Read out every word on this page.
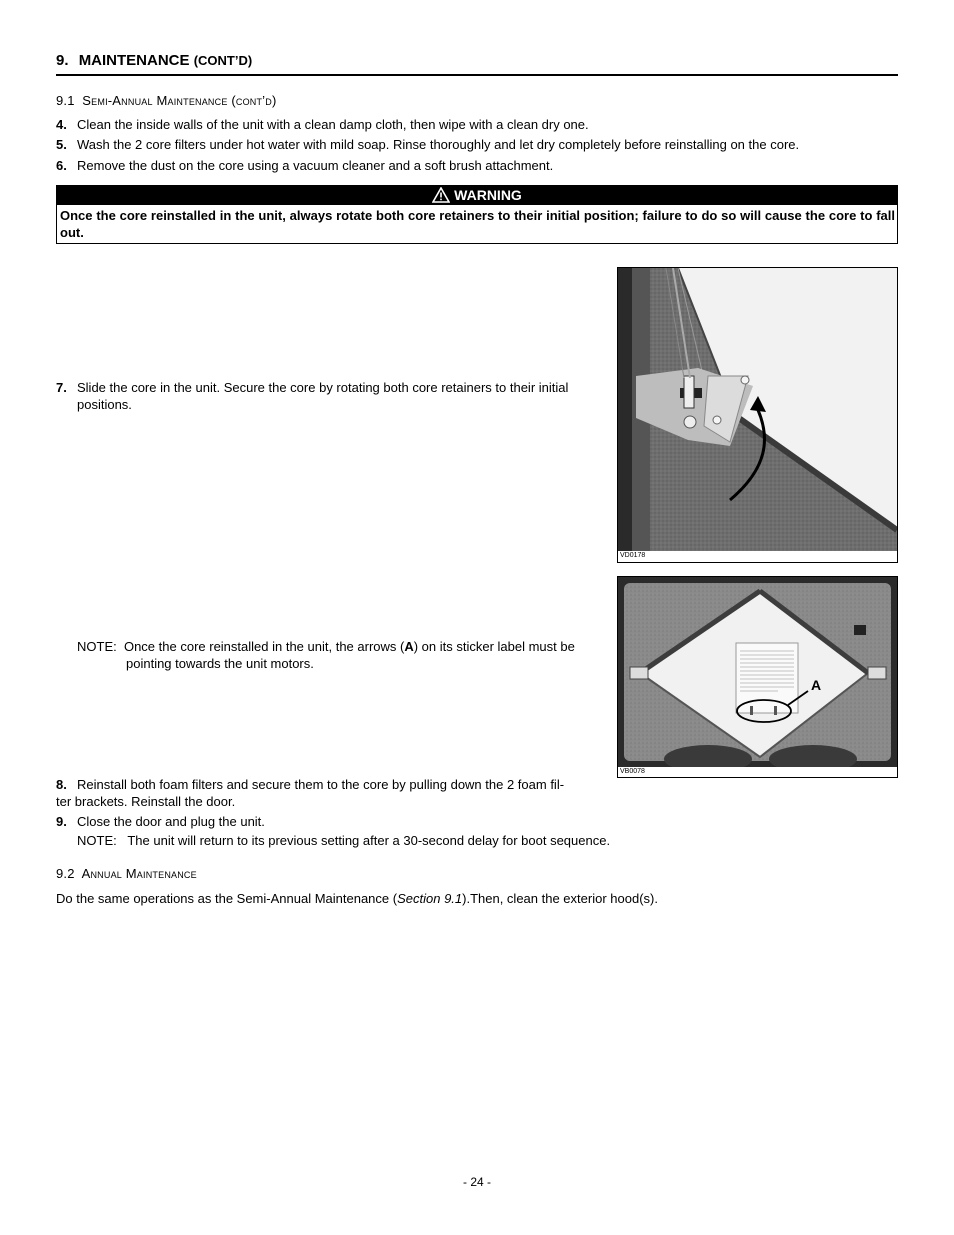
9. MAINTENANCE (CONT’D)
9.1 Semi-Annual Maintenance (cont’d)
4. Clean the inside walls of the unit with a clean damp cloth, then wipe with a clean dry one.
5. Wash the 2 core filters under hot water with mild soap. Rinse thoroughly and let dry completely before reinstalling on the core.
6. Remove the dust on the core using a vacuum cleaner and a soft brush attachment.
WARNING
Once the core reinstalled in the unit, always rotate both core retainers to their initial position; failure to do so will cause the core to fall out.
7. Slide the core in the unit. Secure the core by rotating both core retainers to their initial
positions.
VD0178
NOTE: Once the core reinstalled in the unit, the arrows (A) on its sticker label must be
pointing towards the unit motors.
A
VB0078
8. Reinstall both foam filters and secure them to the core by pulling down the 2 foam fil-
ter brackets. Reinstall the door.
9. Close the door and plug the unit.
NOTE: The unit will return to its previous setting after a 30-second delay for boot sequence.
9.2 Annual Maintenance
Do the same operations as the Semi-Annual Maintenance (Section 9.1).Then, clean the exterior hood(s).
- 24 -
